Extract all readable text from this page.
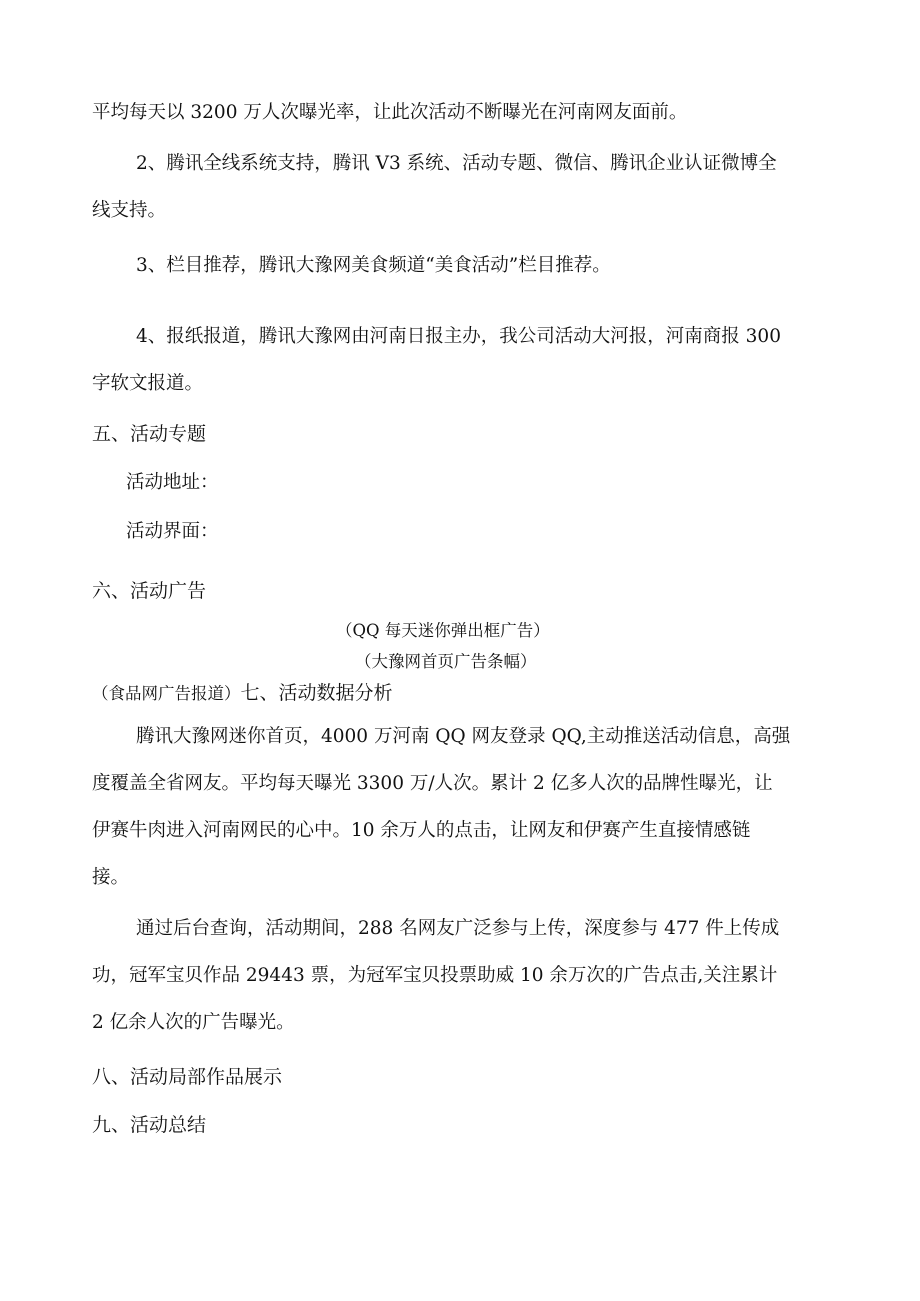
平均每天以 3200 万人次曝光率，让此次活动不断曝光在河南网友面前。

2、腾讯全线系统支持，腾讯 V3 系统、活动专题、微信、腾讯企业认证微博全
线支持。

3、栏目推荐，腾讯大豫网美食频道“美食活动”栏目推荐。

4、报纸报道，腾讯大豫网由河南日报主办，我公司活动大河报，河南商报 300
字软文报道。

五、活动专题

活动地址：

活动界面：

六、活动广告

（QQ 每天迷你弹出框广告）

（大豫网首页广告条幅）

（食品网广告报道）七、活动数据分析

腾讯大豫网迷你首页，4000 万河南 QQ 网友登录 QQ,主动推送活动信息，高强
度覆盖全省网友。平均每天曝光 3300 万/人次。累计 2 亿多人次的品牌性曝光，让
伊赛牛肉进入河南网民的心中。10 余万人的点击，让网友和伊赛产生直接情感链
接。

通过后台查询，活动期间，288 名网友广泛参与上传，深度参与 477 件上传成
功，冠军宝贝作品 29443 票，为冠军宝贝投票助威 10 余万次的广告点击,关注累计
2 亿余人次的广告曝光。

八、活动局部作品展示
九、活动总结
